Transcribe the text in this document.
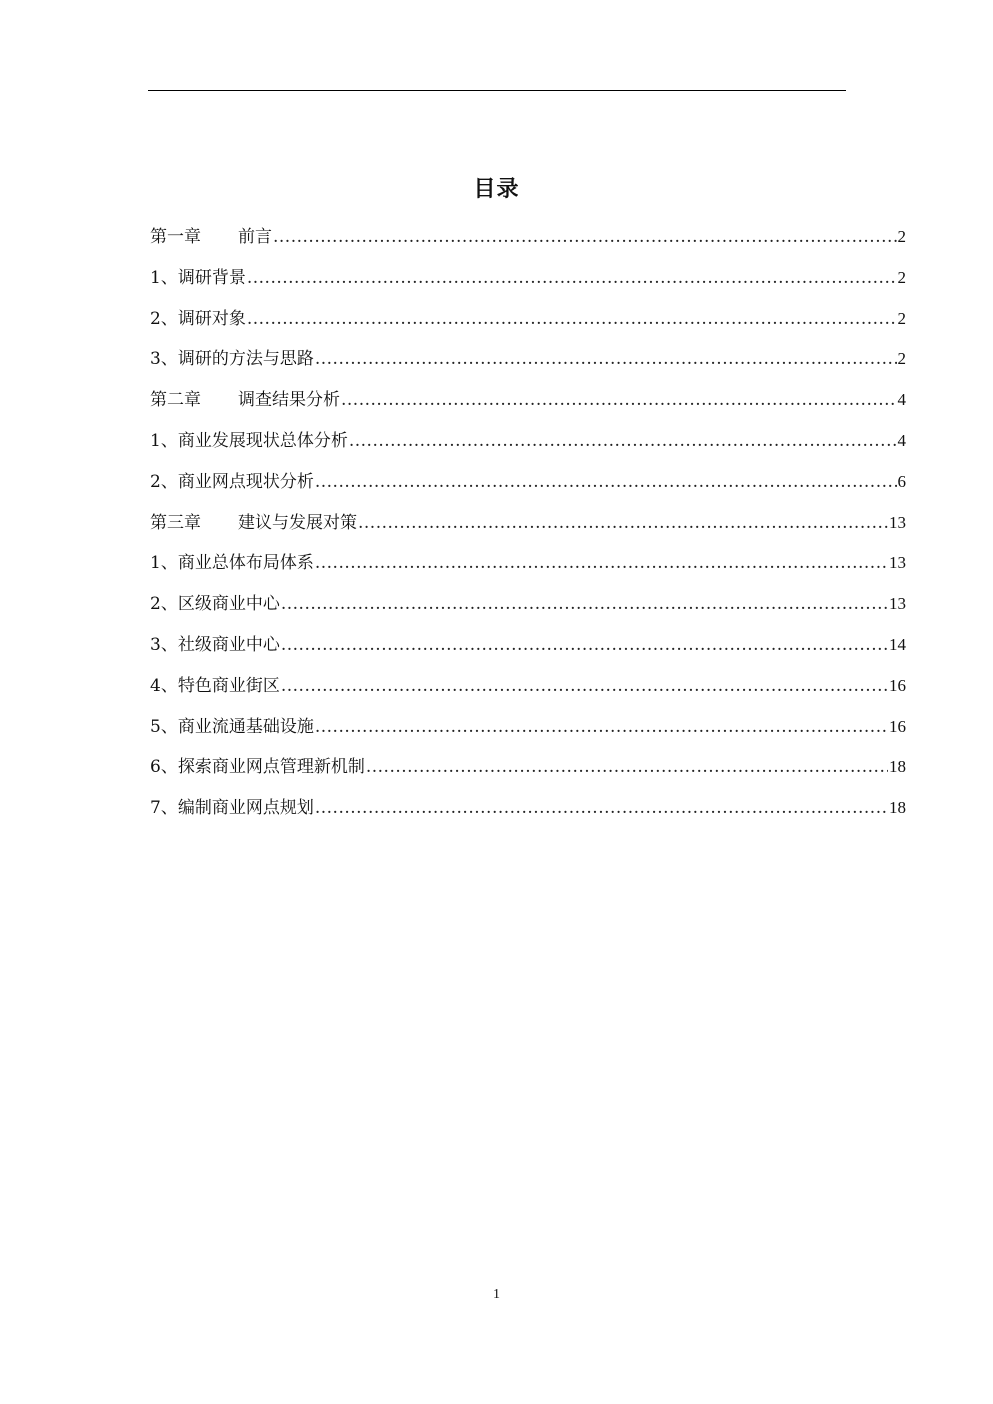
目录
第一章 前言 .....	2
1、调研背景 .....	2
2、调研对象 .....	2
3、调研的方法与思路 .....	2
第二章 调查结果分析 .....	4
1、商业发展现状总体分析 .....	4
2、商业网点现状分析 .....	6
第三章 建议与发展对策 .....	13
1、商业总体布局体系 .....	13
2、区级商业中心 .....	13
3、社级商业中心 .....	14
4、特色商业街区 .....	16
5、商业流通基础设施 .....	16
6、探索商业网点管理新机制 .....	18
7、编制商业网点规划 .....	18
1
